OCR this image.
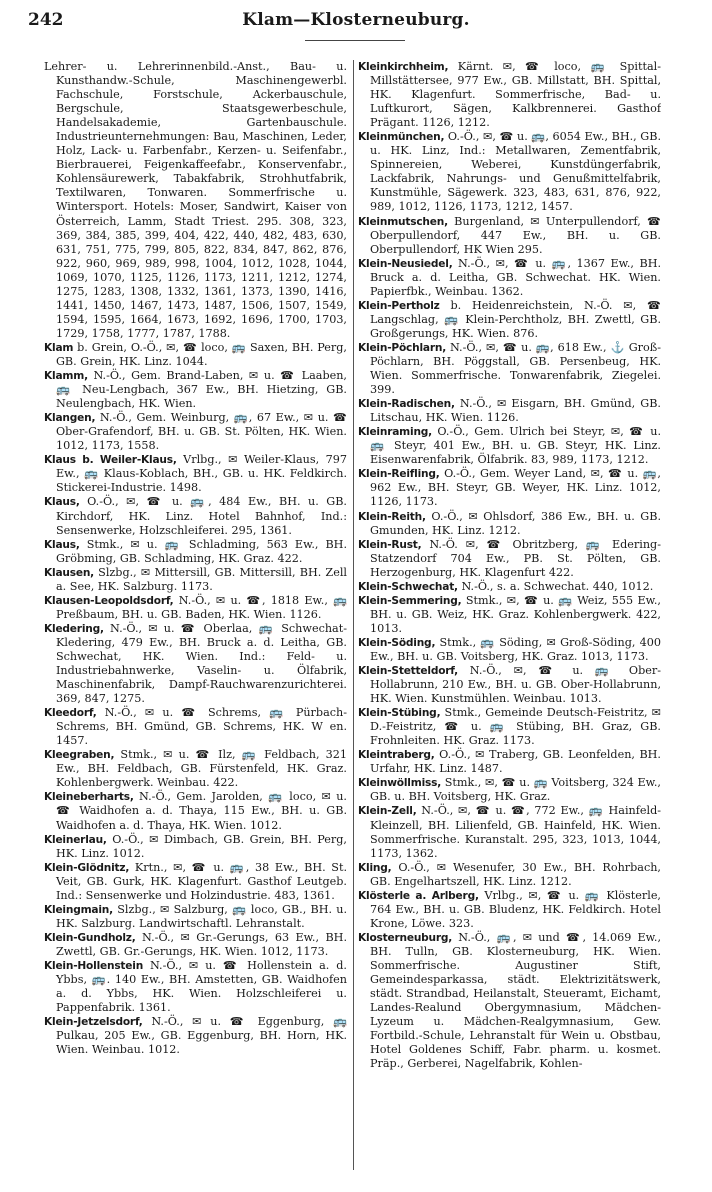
242	Klam—Klosterneuburg.

Lehrer- u. Lehrerinnenbild.-Anst., Bau- u. Kunsthandw.-Schule, Maschinengewerbl. Fachschule, Forstschule, Ackerbauschule, Bergschule, Staatsgewerbeschule, Handelsakademie, Gartenbauschule. Industrieunternehmungen: Bau, Maschinen, Leder, Holz, Lack- u. Farbenfabr., Kerzen- u. Seifenfabr., Bierbrauerei, Feigenkaffeefabr., Konservenfabr., Kohlensäurewerk, Tabakfabrik, Strohhutfabrik, Textilwaren, Tonwaren. Sommerfrische u. Wintersport. Hotels: Moser, Sandwirt, Kaiser von Österreich, Lamm, Stadt Triest. 295. 308, 323, 369, 384, 385, 399, 404, 422, 440, 482, 483, 630, 631, 751, 775, 799, 805, 822, 834, 847, 862, 876, 922, 960, 969, 989, 998, 1004, 1012, 1028, 1044, 1069, 1070, 1125, 1126, 1173, 1211, 1212, 1274, 1275, 1283, 1308, 1332, 1361, 1373, 1390, 1416, 1441, 1450, 1467, 1473, 1487, 1506, 1507, 1549, 1594, 1595, 1664, 1673, 1692, 1696, 1700, 1703, 1729, 1758, 1777, 1787, 1788.

Klam b. Grein, O.-Ö., ✉, ☎ loco, 🚌 Saxen, BH. Perg, GB. Grein, HK. Linz. 1044.

Klamm, N.-Ö., Gem. Brand-Laben, ✉ u. ☎ Laaben, 🚌 Neu-Lengbach, 367 Ew., BH. Hietzing, GB. Neulengbach, HK. Wien.

Klangen, N.-Ö., Gem. Weinburg, 🚌, 67 Ew., ✉ u. ☎ Ober-Grafendorf, BH. u. GB. St. Pölten, HK. Wien. 1012, 1173, 1558.

Klaus b. Weiler-Klaus, Vrlbg., ✉ Weiler-Klaus, 797 Ew., 🚌 Klaus-Koblach, BH., GB. u. HK. Feldkirch. Stickerei-Industrie. 1498.

Klaus, O.-Ö., ✉, ☎ u. 🚌, 484 Ew., BH. u. GB. Kirchdorf, HK. Linz. Hotel Bahnhof, Ind.: Sensenwerke, Holzschleiferei. 295, 1361.

Klaus, Stmk., ✉ u. 🚌 Schladming, 563 Ew., BH. Gröbming, GB. Schladming, HK. Graz. 422.

Klausen, Slzbg., ✉ Mittersill, GB. Mittersill, BH. Zell a. See, HK. Salzburg. 1173.

Klausen-Leopoldsdorf, N.-Ö., ✉ u. ☎, 1818 Ew., 🚌 Preßbaum, BH. u. GB. Baden, HK. Wien. 1126.

Kledering, N.-Ö., ✉ u. ☎ Oberlaa, 🚌 Schwechat-Kledering, 479 Ew., BH. Bruck a. d. Leitha, GB. Schwechat, HK. Wien. Ind.: Feld- u. Industriebahnwerke, Vaselin- u. Ölfabrik, Maschinenfabrik, Dampf-Rauchwarenzurichterei. 369, 847, 1275.

Kleedorf, N.-Ö., ✉ u. ☎ Schrems, 🚌 Pürbach-Schrems, BH. Gmünd, GB. Schrems, HK. W en. 1457.

Kleegraben, Stmk., ✉ u. ☎ Ilz, 🚌 Feldbach, 321 Ew., BH. Feldbach, GB. Fürstenfeld, HK. Graz. Kohlenbergwerk. Weinbau. 422.

Kleineberharts, N.-Ö., Gem. Jarolden, 🚌 loco, ✉ u. ☎ Waidhofen a. d. Thaya, 115 Ew., BH. u. GB. Waidhofen a. d. Thaya, HK. Wien. 1012.

Kleinerlau, O.-Ö., ✉ Dimbach, GB. Grein, BH. Perg, HK. Linz. 1012.

Klein-Glödnitz, Krtn., ✉, ☎ u. 🚌, 38 Ew., BH. St. Veit, GB. Gurk, HK. Klagenfurt. Gasthof Leutgeb. Ind.: Sensenwerke und Holzindustrie. 483, 1361.

Kleingmain, Slzbg., ✉ Salzburg, 🚌 loco, GB., BH. u. HK. Salzburg. Landwirtschaftl. Lehranstalt.

Klein-Gundholz, N.-Ö., ✉ Gr.-Gerungs, 63 Ew., BH. Zwettl, GB. Gr.-Gerungs, HK. Wien. 1012, 1173.

Klein-Hollenstein N.-Ö., ✉ u. ☎ Hollenstein a. d. Ybbs, 🚌. 140 Ew., BH. Amstetten, GB. Waidhofen a. d. Ybbs, HK. Wien. Holzschleiferei u. Pappenfabrik. 1361.

Klein-Jetzelsdorf, N.-Ö., ✉ u. ☎ Eggenburg, 🚌 Pulkau, 205 Ew., GB. Eggenburg, BH. Horn, HK. Wien. Weinbau. 1012.

Kleinkirchheim, Kärnt. ✉, ☎ loco, 🚌 Spittal-Millstättersee, 977 Ew., GB. Millstatt, BH. Spittal, HK. Klagenfurt. Sommerfrische, Bad- u. Luftkurort, Sägen, Kalkbrennerei. Gasthof Prägant. 1126, 1212.

Kleinmünchen, O.-Ö., ✉, ☎ u. 🚌, 6054 Ew., BH., GB. u. HK. Linz, Ind.: Metallwaren, Zementfabrik, Spinnereien, Weberei, Kunstdüngerfabrik, Lackfabrik, Nahrungs- und Genußmittelfabrik, Kunstmühle, Sägewerk. 323, 483, 631, 876, 922, 989, 1012, 1126, 1173, 1212, 1457.

Kleinmutschen, Burgenland, ✉ Unterpullendorf, ☎ Oberpullendorf, 447 Ew., BH. u. GB. Oberpullendorf, HK Wien 295.

Klein-Neusiedel, N.-Ö., ✉, ☎ u. 🚌, 1367 Ew., BH. Bruck a. d. Leitha, GB. Schwechat. HK. Wien. Papierfbk., Weinbau. 1362.

Klein-Pertholz b. Heidenreichstein, N.-Ö. ✉, ☎ Langschlag, 🚌 Klein-Perchtholz, BH. Zwettl, GB. Großgerungs, HK. Wien. 876.

Klein-Pöchlarn, N.-Ö., ✉, ☎ u. 🚌, 618 Ew., ⚓ Groß-Pöchlarn, BH. Pöggstall, GB. Persenbeug, HK. Wien. Sommerfrische. Tonwarenfabrik, Ziegelei. 399.

Klein-Radischen, N.-Ö., ✉ Eisgarn, BH. Gmünd, GB. Litschau, HK. Wien. 1126.

Kleinraming, O.-Ö., Gem. Ulrich bei Steyr, ✉, ☎ u. 🚌 Steyr, 401 Ew., BH. u. GB. Steyr, HK. Linz. Eisenwarenfabrik, Ölfabrik. 83, 989, 1173, 1212.

Klein-Reifling, O.-Ö., Gem. Weyer Land, ✉, ☎ u. 🚌, 962 Ew., BH. Steyr, GB. Weyer, HK. Linz. 1012, 1126, 1173.

Klein-Reith, O.-Ö., ✉ Ohlsdorf, 386 Ew., BH. u. GB. Gmunden, HK. Linz. 1212.

Klein-Rust, N.-Ö. ✉, ☎ Obritzberg, 🚌 Edering-Statzendorf 704 Ew., PB. St. Pölten, GB. Herzogenburg, HK. Klagenfurt 422.

Klein-Schwechat, N.-Ö., s. a. Schwechat. 440, 1012.

Klein-Semmering, Stmk., ✉, ☎ u. 🚌 Weiz, 555 Ew., BH. u. GB. Weiz, HK. Graz. Kohlenbergwerk. 422, 1013.

Klein-Söding, Stmk., 🚌 Söding, ✉ Groß-Söding, 400 Ew., BH. u. GB. Voitsberg, HK. Graz. 1013, 1173.

Klein-Stetteldorf, N.-Ö., ✉, ☎ u. 🚌 Ober-Hollabrunn, 210 Ew., BH. u. GB. Ober-Hollabrunn, HK. Wien. Kunstmühlen. Weinbau. 1013.

Klein-Stübing, Stmk., Gemeinde Deutsch-Feistritz, ✉ D.-Feistritz, ☎ u. 🚌 Stübing, BH. Graz, GB. Frohnleiten. HK. Graz. 1173.

Kleintraberg, O.-Ö., ✉ Traberg, GB. Leonfelden, BH. Urfahr, HK. Linz. 1487.

Kleinwöllmiss, Stmk., ✉, ☎ u. 🚌 Voitsberg, 324 Ew., GB. u. BH. Voitsberg, HK. Graz.

Klein-Zell, N.-Ö., ✉, ☎ u. ☎, 772 Ew., 🚌 Hainfeld-Kleinzell, BH. Lilienfeld, GB. Hainfeld, HK. Wien. Sommerfrische. Kuranstalt. 295, 323, 1013, 1044, 1173, 1362.

Kling, O.-Ö., ✉ Wesenufer, 30 Ew., BH. Rohrbach, GB. Engelhartszell, HK. Linz. 1212.

Klösterle a. Arlberg, Vrlbg., ✉, ☎ u. 🚌 Klösterle, 764 Ew., BH. u. GB. Bludenz, HK. Feldkirch. Hotel Krone, Löwe. 323.

Klosterneuburg, N.-Ö., 🚌, ✉ und ☎, 14.069 Ew., BH. Tulln, GB. Klosterneuburg, HK. Wien. Sommerfrische. Augustiner Stift, Gemeindesparkassa, städt. Elektrizitätswerk, städt. Strandbad, Heilanstalt, Steueramt, Eichamt, Landes-Realund Obergymnasium, Mädchen-Lyzeum u. Mädchen-Realgymnasium, Gew. Fortbild.-Schule, Lehranstalt für Wein u. Obstbau, Hotel Goldenes Schiff, Fabr. pharm. u. kosmet. Präp., Gerberei, Nagelfabrik, Kohlen-
